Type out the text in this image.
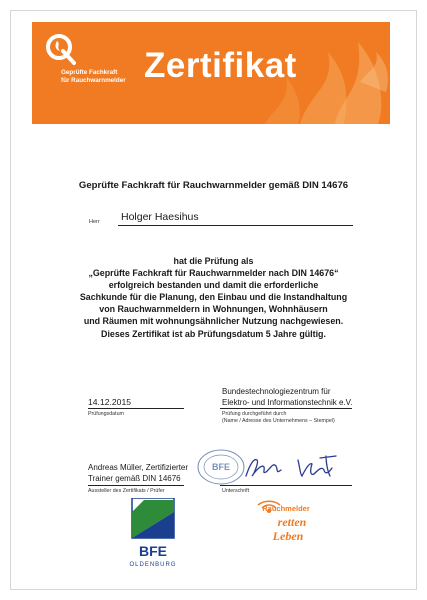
Geprüfte Fachkraft
für Rauchwarnmelder Zertifikat
Geprüfte Fachkraft für Rauchwarnmelder gemäß DIN 14676
Herr Holger Haesihus
hat die Prüfung als
„Geprüfte Fachkraft für Rauchwarnmelder nach DIN 14676“
erfolgreich bestanden und damit die erforderliche
Sachkunde für die Planung, den Einbau und die Instandhaltung
von Rauchwarnmeldern in Wohnungen, Wohnhäusern
und Räumen mit wohnungsähnlicher Nutzung nachgewiesen.
Dieses Zertifikat ist ab Prüfungsdatum 5 Jahre gültig.
14.12.2015
Prüfungsdatum
Bundestechnologiezentrum für
Elektro- und Informationstechnik e.V.
Prüfung durchgeführt durch
(Name / Adresse des Unternehmens – Stempel)
Andreas Müller, Zertifizierter
Trainer gemäß DIN 14676
Aussteller des Zertifikats / Prüfer
BFE
Unterschrift
BFE
OLDENBURG
Rauchmelder
retten
Leben
